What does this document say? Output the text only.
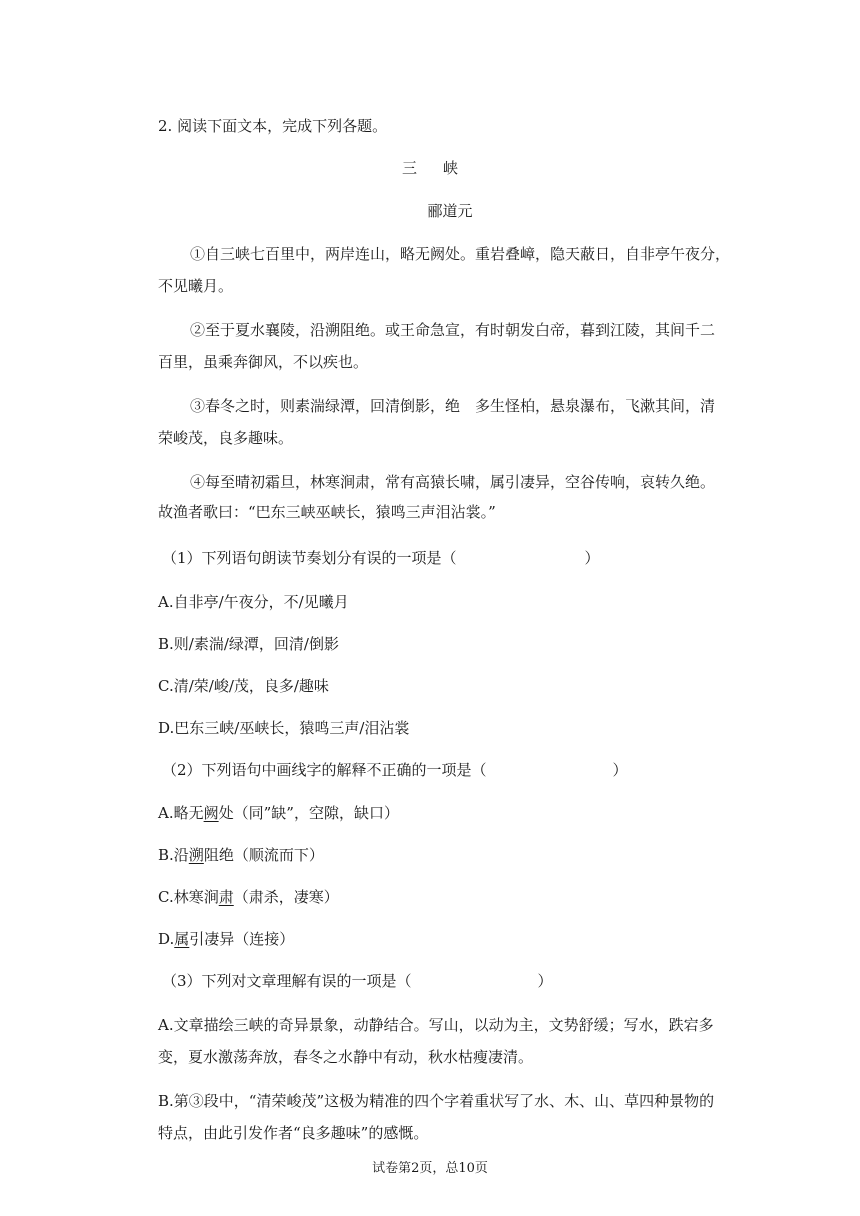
2. 阅读下面文本，完成下列各题。
三 峡
郦道元
①自三峡七百里中，两岸连山，略无阙处。重岩叠嶂，隐天蔽日，自非亭午夜分，
不见曦月。
②至于夏水襄陵，沿溯阻绝。或王命急宣，有时朝发白帝，暮到江陵，其间千二
百里，虽乘奔御风，不以疾也。
③春冬之时，则素湍绿潭，回清倒影，绝　多生怪柏，悬泉瀑布，飞漱其间，清
荣峻茂，良多趣味。
④每至晴初霜旦，林寒涧肃，常有高猿长啸，属引凄异，空谷传响，哀转久绝。
故渔者歌曰：“巴东三峡巫峡长，猿鸣三声泪沾裳。”
（1）下列语句朗读节奏划分有误的一项是（	）
A.自非亭/午夜分，不/见曦月
B.则/素湍/绿潭，回清/倒影
C.清/荣/峻/茂，良多/趣味
D.巴东三峡/巫峡长，猿鸣三声/泪沾裳
（2）下列语句中画线字的解释不正确的一项是（	）
A.略无阙处（同”缺”，空隙，缺口）
B.沿溯阻绝（顺流而下）
C.林寒涧肃（肃杀，凄寒）
D.属引凄异（连接）
（3）下列对文章理解有误的一项是（	）
A.文章描绘三峡的奇异景象，动静结合。写山，以动为主，文势舒缓；写水，跌宕多
变，夏水激荡奔放，春冬之水静中有动，秋水枯瘦凄清。
B.第③段中，“清荣峻茂”这极为精准的四个字着重状写了水、木、山、草四种景物的
特点，由此引发作者“良多趣味”的感慨。
试卷第2页，总10页
